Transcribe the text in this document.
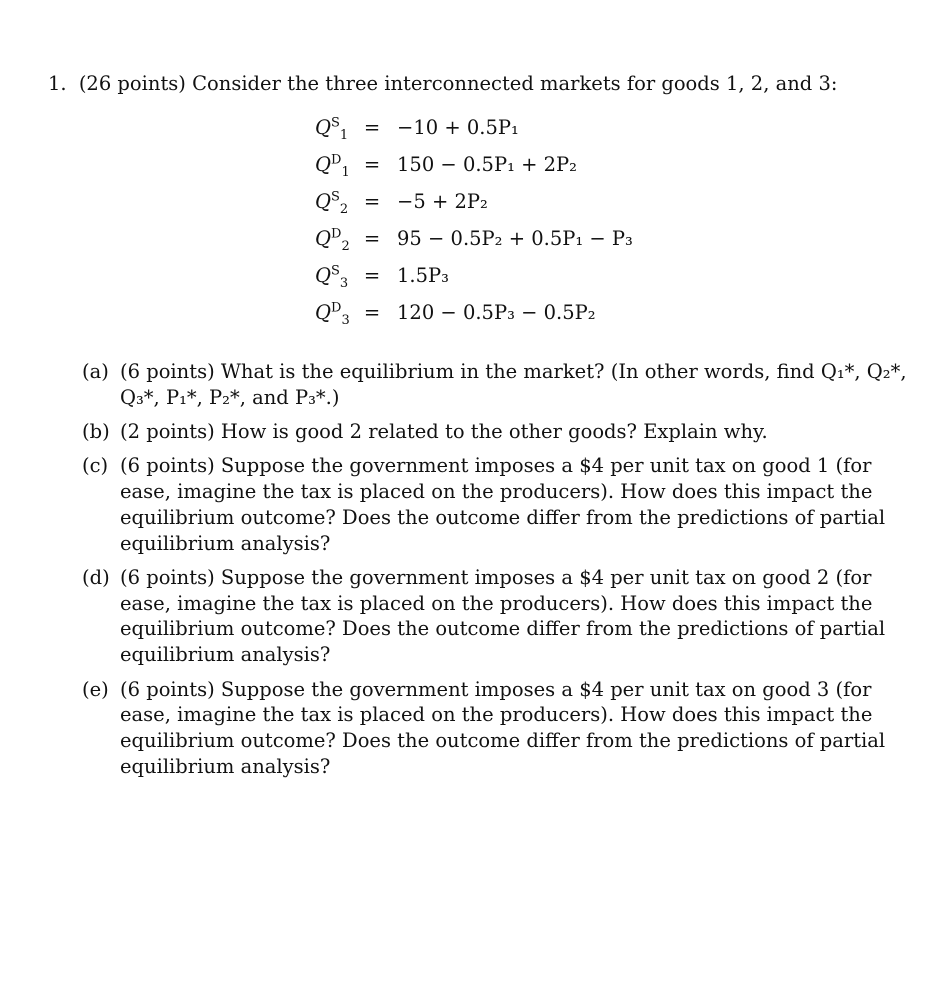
1. (26 points) Consider the three interconnected markets for goods 1, 2, and 3:
$Q^S_1 = -10 + 0.5P_1$
$Q^D_1 = 150 - 0.5P_1 + 2P_2$
$Q^S_2 = -5 + 2P_2$
$Q^D_2 = 95 - 0.5P_2 + 0.5P_1 - P_3$
$Q^S_3 = 1.5P_3$
$Q^D_3 = 120 - 0.5P_3 - 0.5P_2$
(a) (6 points) What is the equilibrium in the market? (In other words, find Q₁*, Q₂*,
Q₃*, P₁*, P₂*, and P₃*.)
(b) (2 points) How is good 2 related to the other goods? Explain why.
(c) (6 points) Suppose the government imposes a $4 per unit tax on good 1 (for
ease, imagine the tax is placed on the producers). How does this impact the
equilibrium outcome? Does the outcome differ from the predictions of partial
equilibrium analysis?
(d) (6 points) Suppose the government imposes a $4 per unit tax on good 2 (for
ease, imagine the tax is placed on the producers). How does this impact the
equilibrium outcome? Does the outcome differ from the predictions of partial
equilibrium analysis?
(e) (6 points) Suppose the government imposes a $4 per unit tax on good 3 (for
ease, imagine the tax is placed on the producers). How does this impact the
equilibrium outcome? Does the outcome differ from the predictions of partial
equilibrium analysis?
